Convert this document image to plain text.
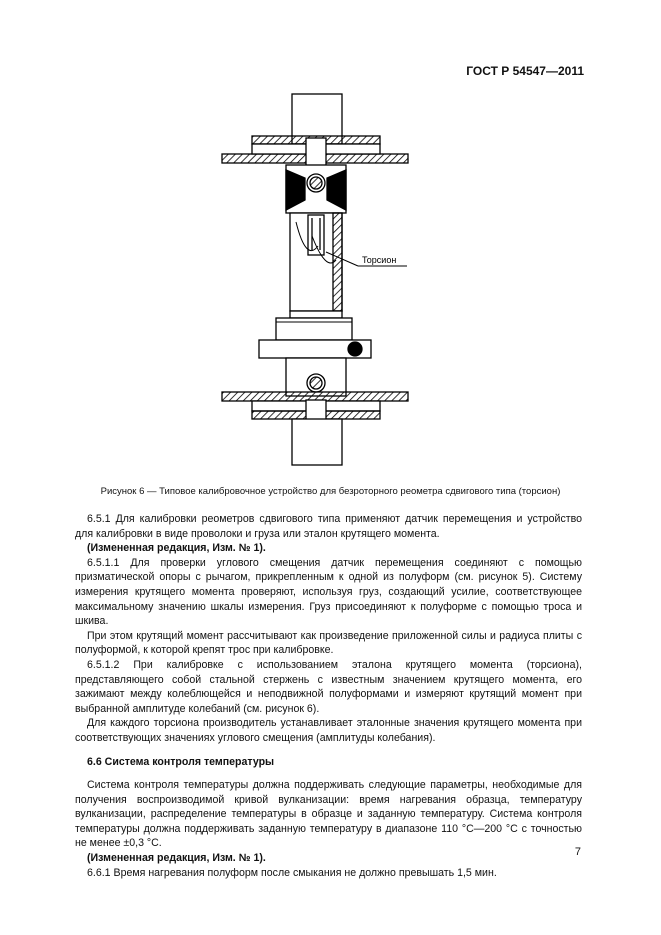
ГОСТ Р 54547—2011
Торсион
Рисунок 6 — Типовое калибровочное устройство для безроторного реометра сдвигового типа (торсион)

6.5.1 Для калибровки реометров сдвигового типа применяют датчик перемещения и устройство для калибровки в виде проволоки и груза или эталон крутящего момента.

(Измененная редакция, Изм. № 1).

6.5.1.1 Для проверки углового смещения датчик перемещения соединяют с помощью призматической опоры с рычагом, прикрепленным к одной из полуформ (см. рисунок 5). Систему измерения крутящего момента проверяют, используя груз, создающий усилие, соответствующее максимальному значению шкалы измерения. Груз присоединяют к полуформе с помощью троса и шкива.

При этом крутящий момент рассчитывают как произведение приложенной силы и радиуса плиты с полуформой, к которой крепят трос при калибровке.

6.5.1.2 При калибровке с использованием эталона крутящего момента (торсиона), представляющего собой стальной стержень с известным значением крутящего момента, его зажимают между колеблющейся и неподвижной полуформами и измеряют крутящий момент при выбранной амплитуде колебаний (см. рисунок 6).

Для каждого торсиона производитель устанавливает эталонные значения крутящего момента при соответствующих значениях углового смещения (амплитуды колебания).

6.6 Система контроля температуры

Система контроля температуры должна поддерживать следующие параметры, необходимые для получения воспроизводимой кривой вулканизации: время нагревания образца, температуру вулканизации, распределение температуры в образце и заданную температуру. Система контроля температуры должна поддерживать заданную температуру в диапазоне 110 °С—200 °С с точностью не менее ±0,3 °С.

(Измененная редакция, Изм. № 1).

6.6.1 Время нагревания полуформ после смыкания не должно превышать 1,5 мин.

7
